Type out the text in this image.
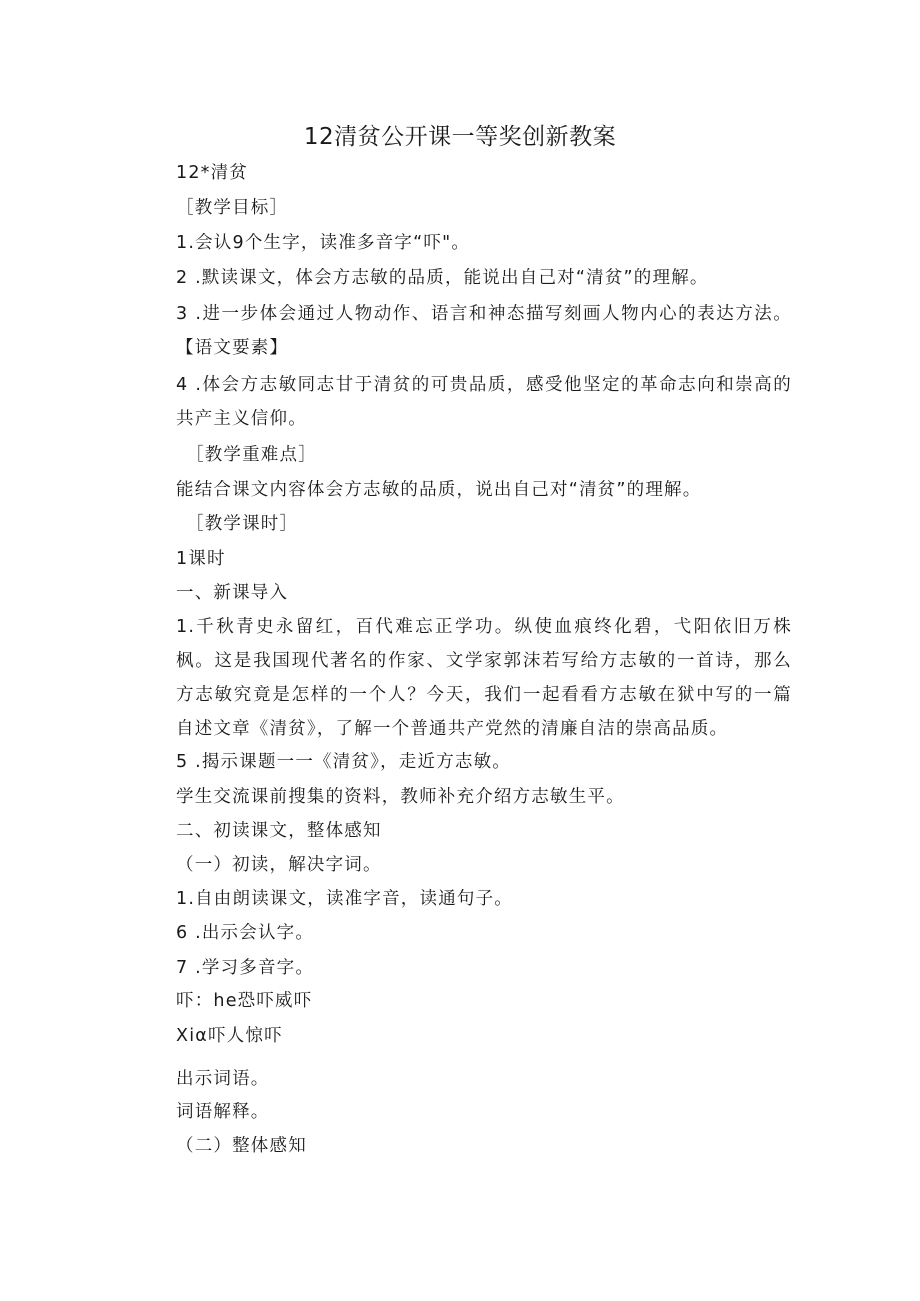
12清贫公开课一等奖创新教案
12*清贫
［教学目标］
1.会认9个生字，读准多音字“吓"。
2 .默读课文，体会方志敏的品质，能说出自己对“清贫”的理解。
3 .进一步体会通过人物动作、语言和神态描写刻画人物内心的表达方法。【语文要素】
4 .体会方志敏同志甘于清贫的可贵品质，感受他坚定的革命志向和崇高的共产主义信仰。
［教学重难点］
能结合课文内容体会方志敏的品质，说出自己对“清贫”的理解。
［教学课时］
1课时
一、新课导入
1.千秋青史永留红，百代难忘正学功。纵使血痕终化碧，弋阳依旧万株枫。这是我国现代著名的作家、文学家郭沫若写给方志敏的一首诗，那么方志敏究竟是怎样的一个人？今天，我们一起看看方志敏在狱中写的一篇自述文章《清贫》，了解一个普通共产党然的清廉自洁的崇高品质。
5 .揭示课题一一《清贫》，走近方志敏。
学生交流课前搜集的资料，教师补充介绍方志敏生平。
二、初读课文，整体感知
（一）初读，解决字词。
1.自由朗读课文，读准字音，读通句子。
6 .出示会认字。
7 .学习多音字。
吓：he恐吓威吓
Xiα吓人惊吓
出示词语。
词语解释。
（二）整体感知
